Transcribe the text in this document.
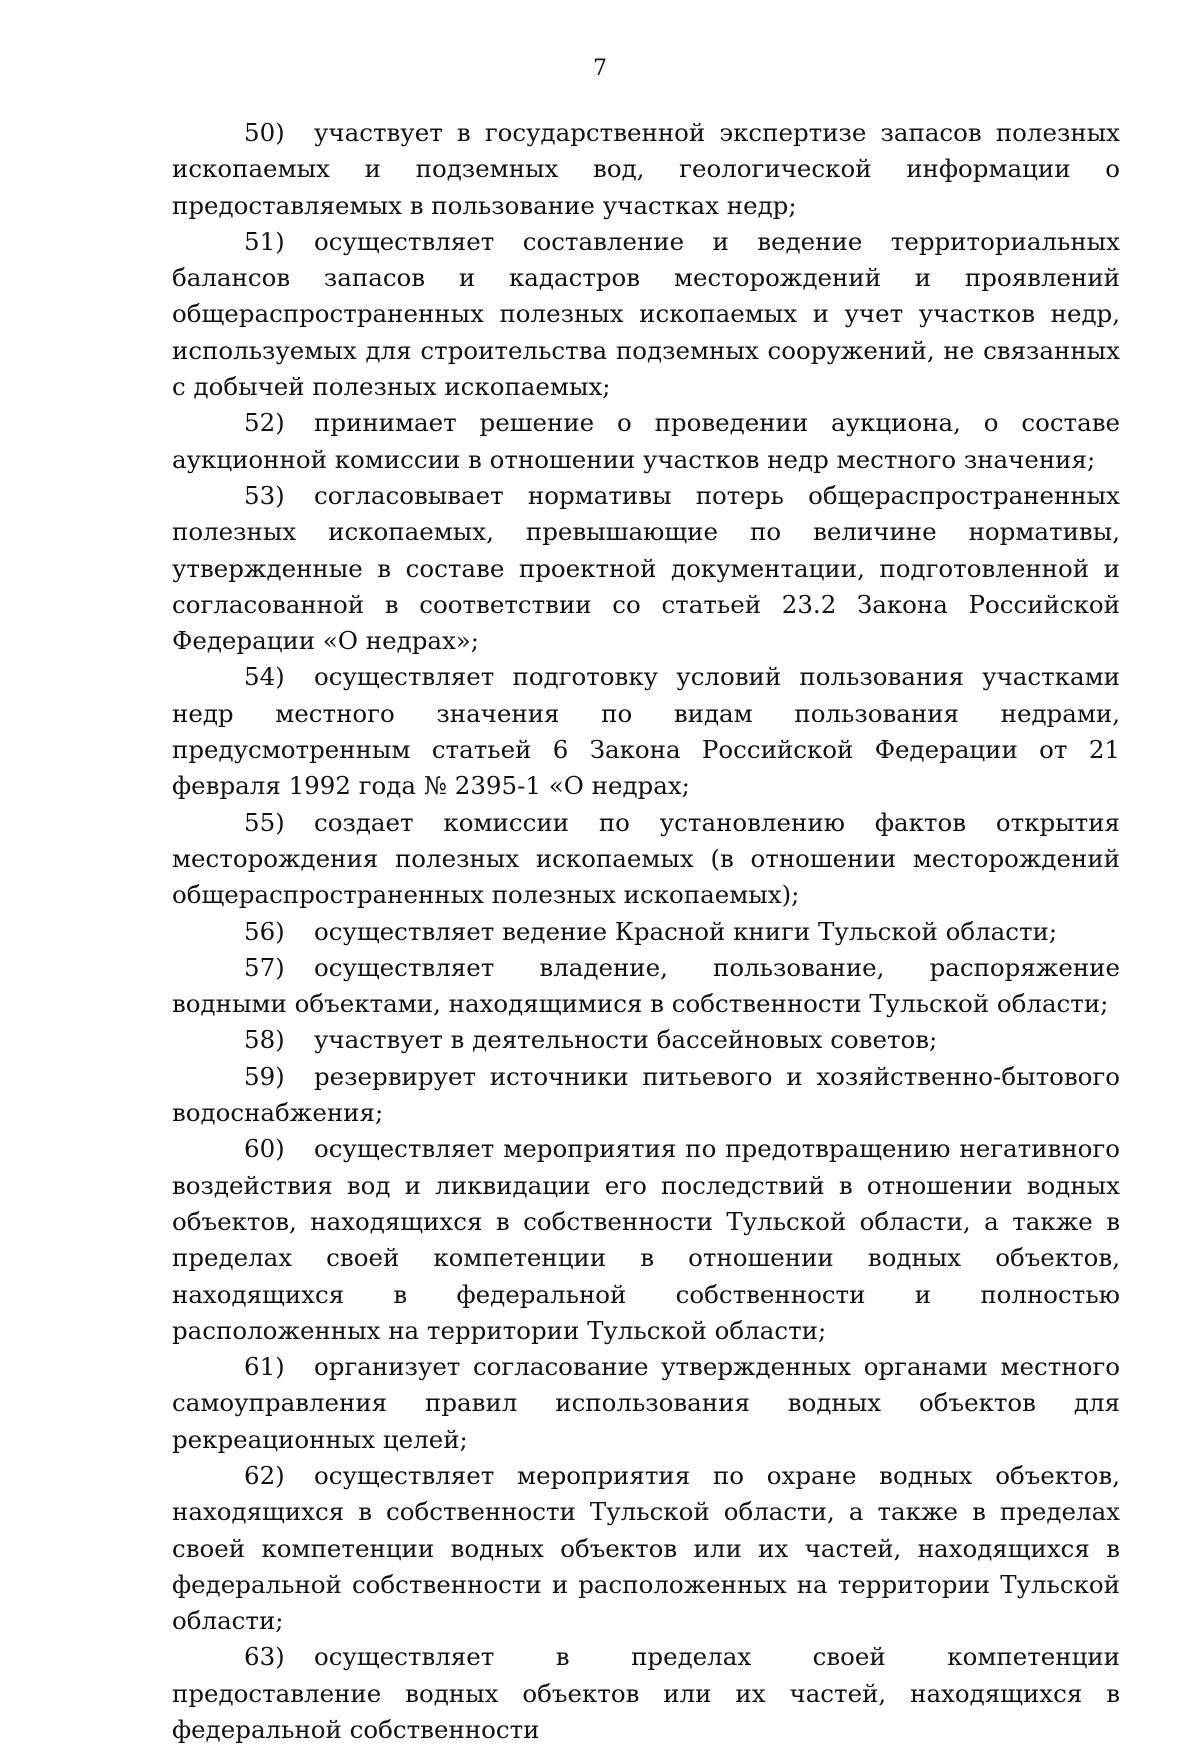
7

50) участвует в государственной экспертизе запасов полезных ископаемых и подземных вод, геологической информации о предоставляемых в пользование участках недр;

51) осуществляет составление и ведение территориальных балансов запасов и кадастров месторождений и проявлений общераспространенных полезных ископаемых и учет участков недр, используемых для строительства подземных сооружений, не связанных с добычей полезных ископаемых;

52) принимает решение о проведении аукциона, о составе аукционной комиссии в отношении участков недр местного значения;

53) согласовывает нормативы потерь общераспространенных полезных ископаемых, превышающие по величине нормативы, утвержденные в составе проектной документации, подготовленной и согласованной в соответствии со статьей 23.2 Закона Российской Федерации «О недрах»;

54) осуществляет подготовку условий пользования участками недр местного значения по видам пользования недрами, предусмотренным статьей 6 Закона Российской Федерации от 21 февраля 1992 года № 2395-1 «О недрах;

55) создает комиссии по установлению фактов открытия месторождения полезных ископаемых (в отношении месторождений общераспространенных полезных ископаемых);

56) осуществляет ведение Красной книги Тульской области;

57) осуществляет владение, пользование, распоряжение водными объектами, находящимися в собственности Тульской области;

58) участвует в деятельности бассейновых советов;

59) резервирует источники питьевого и хозяйственно-бытового водоснабжения;

60) осуществляет мероприятия по предотвращению негативного воздействия вод и ликвидации его последствий в отношении водных объектов, находящихся в собственности Тульской области, а также в пределах своей компетенции в отношении водных объектов, находящихся в федеральной собственности и полностью расположенных на территории Тульской области;

61) организует согласование утвержденных органами местного самоуправления правил использования водных объектов для рекреационных целей;

62) осуществляет мероприятия по охране водных объектов, находящихся в собственности Тульской области, а также в пределах своей компетенции водных объектов или их частей, находящихся в федеральной собственности и расположенных на территории Тульской области;

63) осуществляет в пределах своей компетенции предоставление водных объектов или их частей, находящихся в федеральной собственности
